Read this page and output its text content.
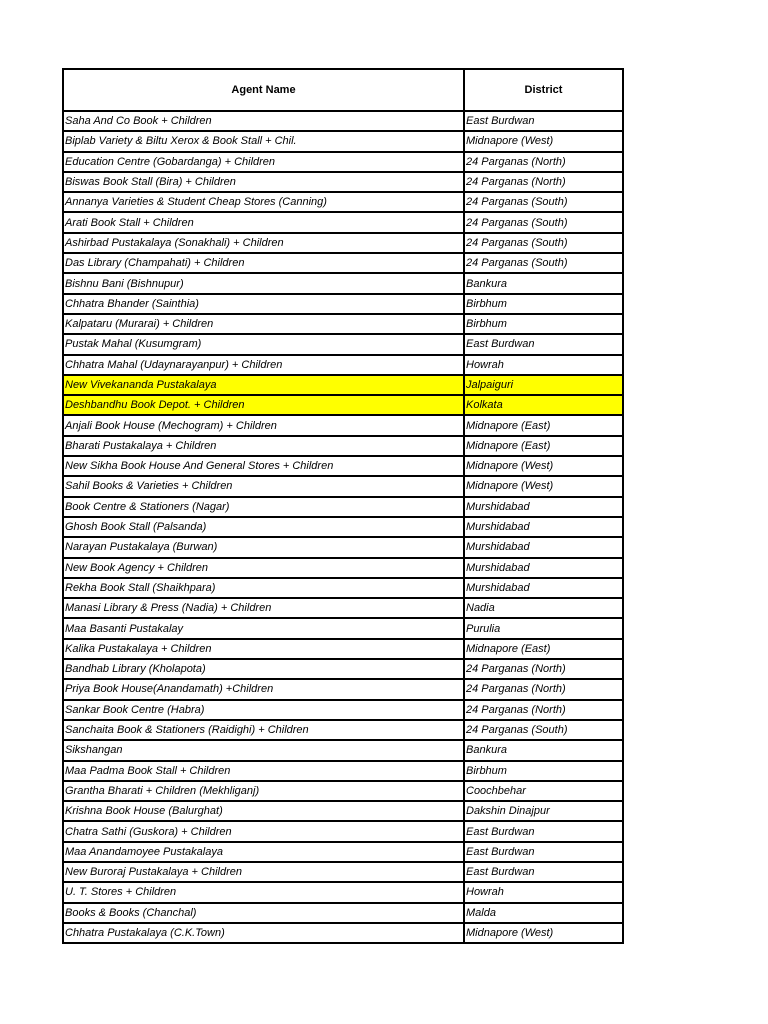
Agent Name	District
Saha And Co Book + Children	East Burdwan
Biplab Variety & Biltu Xerox & Book Stall + Chil.	Midnapore (West)
Education Centre (Gobardanga) + Children	24 Parganas (North)
Biswas Book Stall (Bira) + Children	24 Parganas (North)
Annanya Varieties & Student Cheap Stores (Canning)	24 Parganas (South)
Arati Book Stall + Children	24 Parganas (South)
Ashirbad Pustakalaya (Sonakhali) + Children	24 Parganas (South)
Das Library (Champahati) + Children	24 Parganas (South)
Bishnu Bani (Bishnupur)	Bankura
Chhatra Bhander (Sainthia)	Birbhum
Kalpataru (Murarai) + Children	Birbhum
Pustak Mahal (Kusumgram)	East Burdwan
Chhatra Mahal (Udaynarayanpur) + Children	Howrah
New Vivekananda Pustakalaya	Jalpaiguri
Deshbandhu Book Depot. + Children	Kolkata
Anjali Book House (Mechogram) + Children	Midnapore (East)
Bharati Pustakalaya + Children	Midnapore (East)
New Sikha Book House And General Stores + Children	Midnapore (West)
Sahil Books & Varieties + Children	Midnapore (West)
Book Centre & Stationers (Nagar)	Murshidabad
Ghosh Book Stall (Palsanda)	Murshidabad
Narayan Pustakalaya (Burwan)	Murshidabad
New Book Agency + Children	Murshidabad
Rekha Book Stall (Shaikhpara)	Murshidabad
Manasi Library & Press (Nadia) + Children	Nadia
Maa Basanti Pustakalay	Purulia
Kalika Pustakalaya + Children	Midnapore (East)
Bandhab Library (Kholapota)	24 Parganas (North)
Priya Book House(Anandamath) +Children	24 Parganas (North)
Sankar Book Centre (Habra)	24 Parganas (North)
Sanchaita Book & Stationers (Raidighi) + Children	24 Parganas (South)
Sikshangan	Bankura
Maa Padma Book Stall + Children	Birbhum
Grantha Bharati + Children (Mekhliganj)	Coochbehar
Krishna Book House (Balurghat)	Dakshin Dinajpur
Chatra Sathi (Guskora) + Children	East Burdwan
Maa Anandamoyee Pustakalaya	East Burdwan
New Buroraj Pustakalaya + Children	East Burdwan
U. T. Stores + Children	Howrah
Books & Books (Chanchal)	Malda
Chhatra Pustakalaya (C.K.Town)	Midnapore (West)
